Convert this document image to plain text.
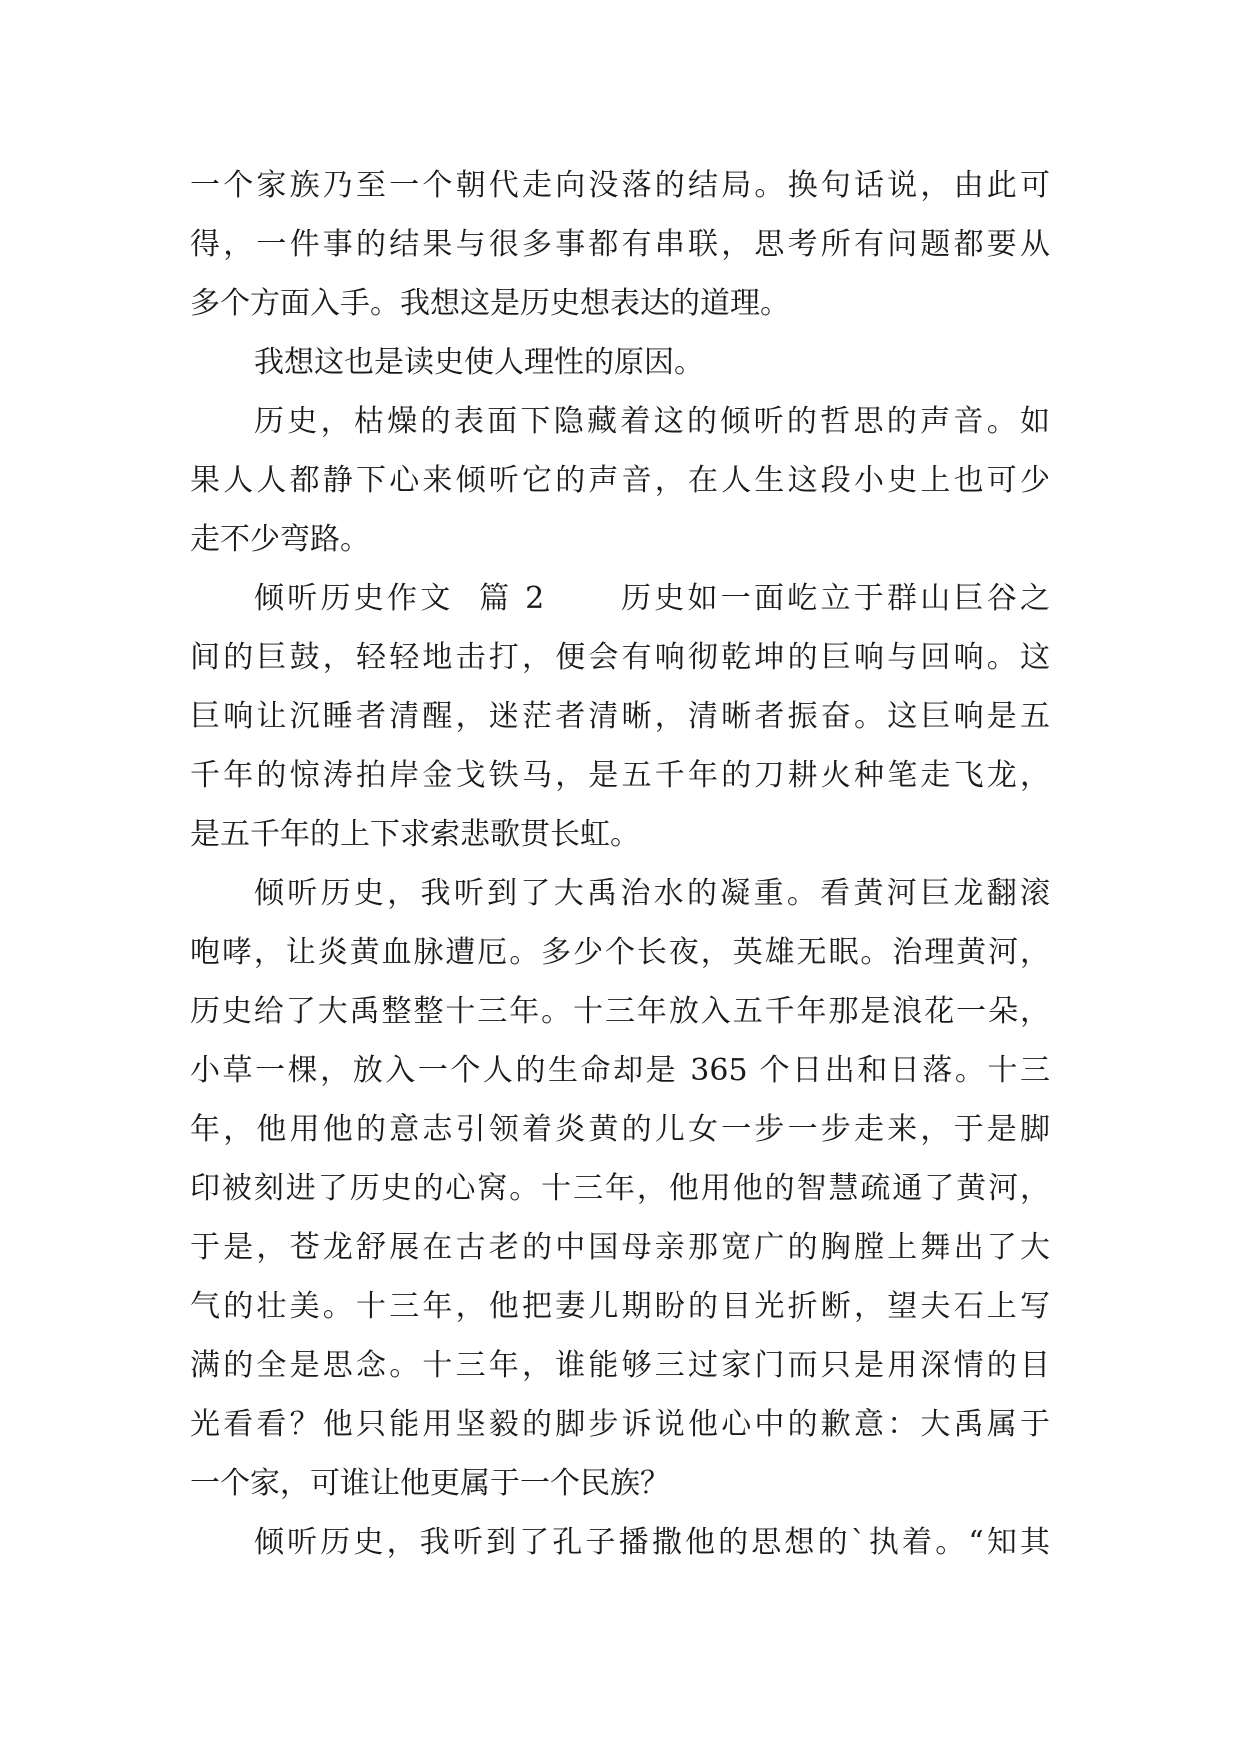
一个家族乃至一个朝代走向没落的结局。换句话说，由此可
得，一件事的结果与很多事都有串联，思考所有问题都要从
多个方面入手。我想这是历史想表达的道理。
我想这也是读史使人理性的原因。
历史，枯燥的表面下隐藏着这的倾听的哲思的声音。如
果人人都静下心来倾听它的声音，在人生这段小史上也可少
走不少弯路。
倾听历史作文  篇 2      历史如一面屹立于群山巨谷之
间的巨鼓，轻轻地击打，便会有响彻乾坤的巨响与回响。这
巨响让沉睡者清醒，迷茫者清晰，清晰者振奋。这巨响是五
千年的惊涛拍岸金戈铁马，是五千年的刀耕火种笔走飞龙，
是五千年的上下求索悲歌贯长虹。
倾听历史，我听到了大禹治水的凝重。看黄河巨龙翻滚
咆哮，让炎黄血脉遭厄。多少个长夜，英雄无眠。治理黄河，
历史给了大禹整整十三年。十三年放入五千年那是浪花一朵，
小草一棵，放入一个人的生命却是 365 个日出和日落。十三
年，他用他的意志引领着炎黄的儿女一步一步走来，于是脚
印被刻进了历史的心窝。十三年，他用他的智慧疏通了黄河，
于是，苍龙舒展在古老的中国母亲那宽广的胸膛上舞出了大
气的壮美。十三年，他把妻儿期盼的目光折断，望夫石上写
满的全是思念。十三年，谁能够三过家门而只是用深情的目
光看看？他只能用坚毅的脚步诉说他心中的歉意：大禹属于
一个家，可谁让他更属于一个民族？
倾听历史，我听到了孔子播撒他的思想的`执着。“知其
